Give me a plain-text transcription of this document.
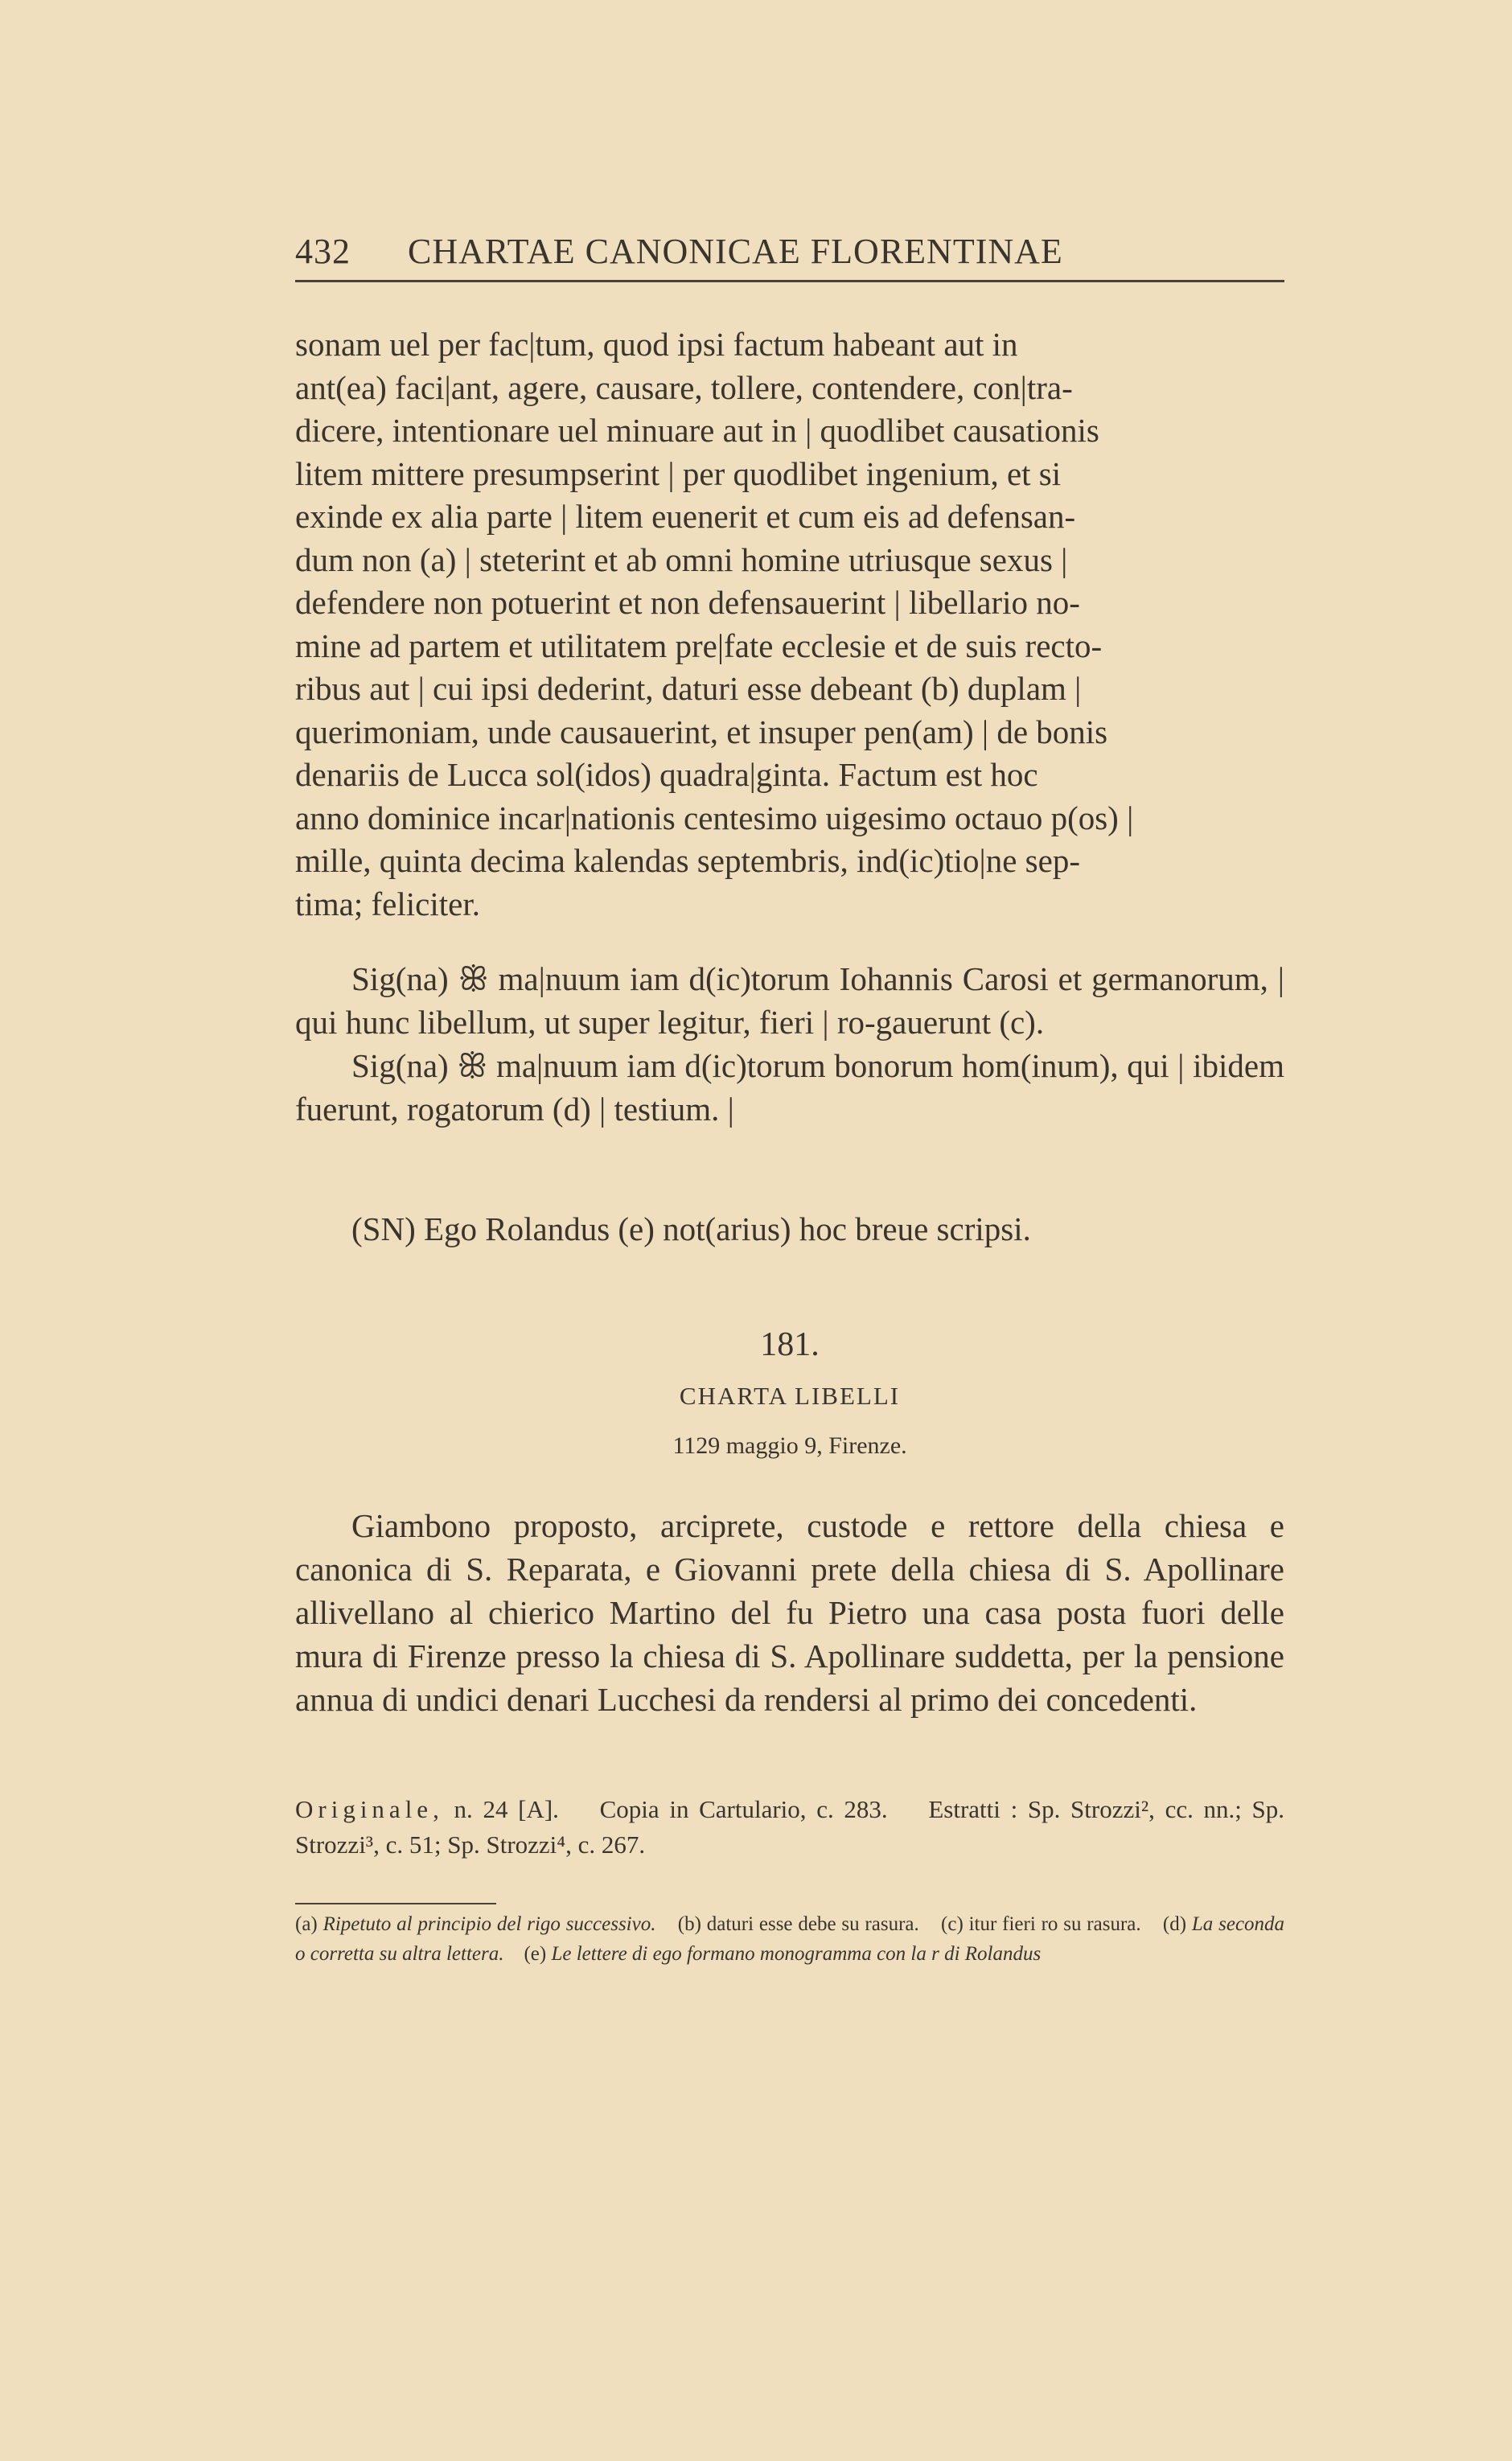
432 CHARTAE CANONICAE FLORENTINAE

sonam uel per fac|tum, quod ipsi factum habeant aut in

ant(ea) faci|ant, agere, causare, tollere, contendere, con|tra-

dicere, intentionare uel minuare aut in | quodlibet causationis

litem mittere presumpserint | per quodlibet ingenium, et si

exinde ex alia parte | litem euenerit et cum eis ad defensan-

dum non (a) | steterint et ab omni homine utriusque sexus |

defendere non potuerint et non defensauerint | libellario no-

mine ad partem et utilitatem pre|fate ecclesie et de suis recto-

ribus aut | cui ipsi dederint, daturi esse debeant (b) duplam |

querimoniam, unde causauerint, et insuper pen(am) | de bonis

denariis de Lucca sol(idos) quadra|ginta. Factum est hoc

anno dominice incar|nationis centesimo uigesimo octauo p(os) |

mille, quinta decima kalendas septembris, ind(ic)tio|ne sep-

tima; feliciter.

Sig(na) ꕥ ma|nuum iam d(ic)torum Iohannis Carosi et germanorum, | qui hunc libellum, ut super legitur, fieri | ro-gauerunt (c).

Sig(na) ꕥ ma|nuum iam d(ic)torum bonorum hom(inum), qui | ibidem fuerunt, rogatorum (d) | testium. |

(SN) Ego Rolandus (e) not(arius) hoc breue scripsi.
181.
CHARTA LIBELLI
1129 maggio 9, Firenze.
Giambono proposto, arciprete, custode e rettore della chiesa e canonica di S. Reparata, e Giovanni prete della chiesa di S. Apollinare allivellano al chierico Martino del fu Pietro una casa posta fuori delle mura di Firenze presso la chiesa di S. Apollinare suddetta, per la pensione annua di undici denari Lucchesi da rendersi al primo dei concedenti.
Originale, n. 24 [A]. Copia in Cartulario, c. 283. Estratti : Sp. Strozzi², cc. nn.; Sp. Strozzi³, c. 51; Sp. Strozzi⁴, c. 267.
(a) Ripetuto al principio del rigo successivo. (b) daturi esse debe su rasura. (c) itur fieri ro su rasura. (d) La seconda o corretta su altra lettera. (e) Le lettere di ego formano monogramma con la r di Rolandus
